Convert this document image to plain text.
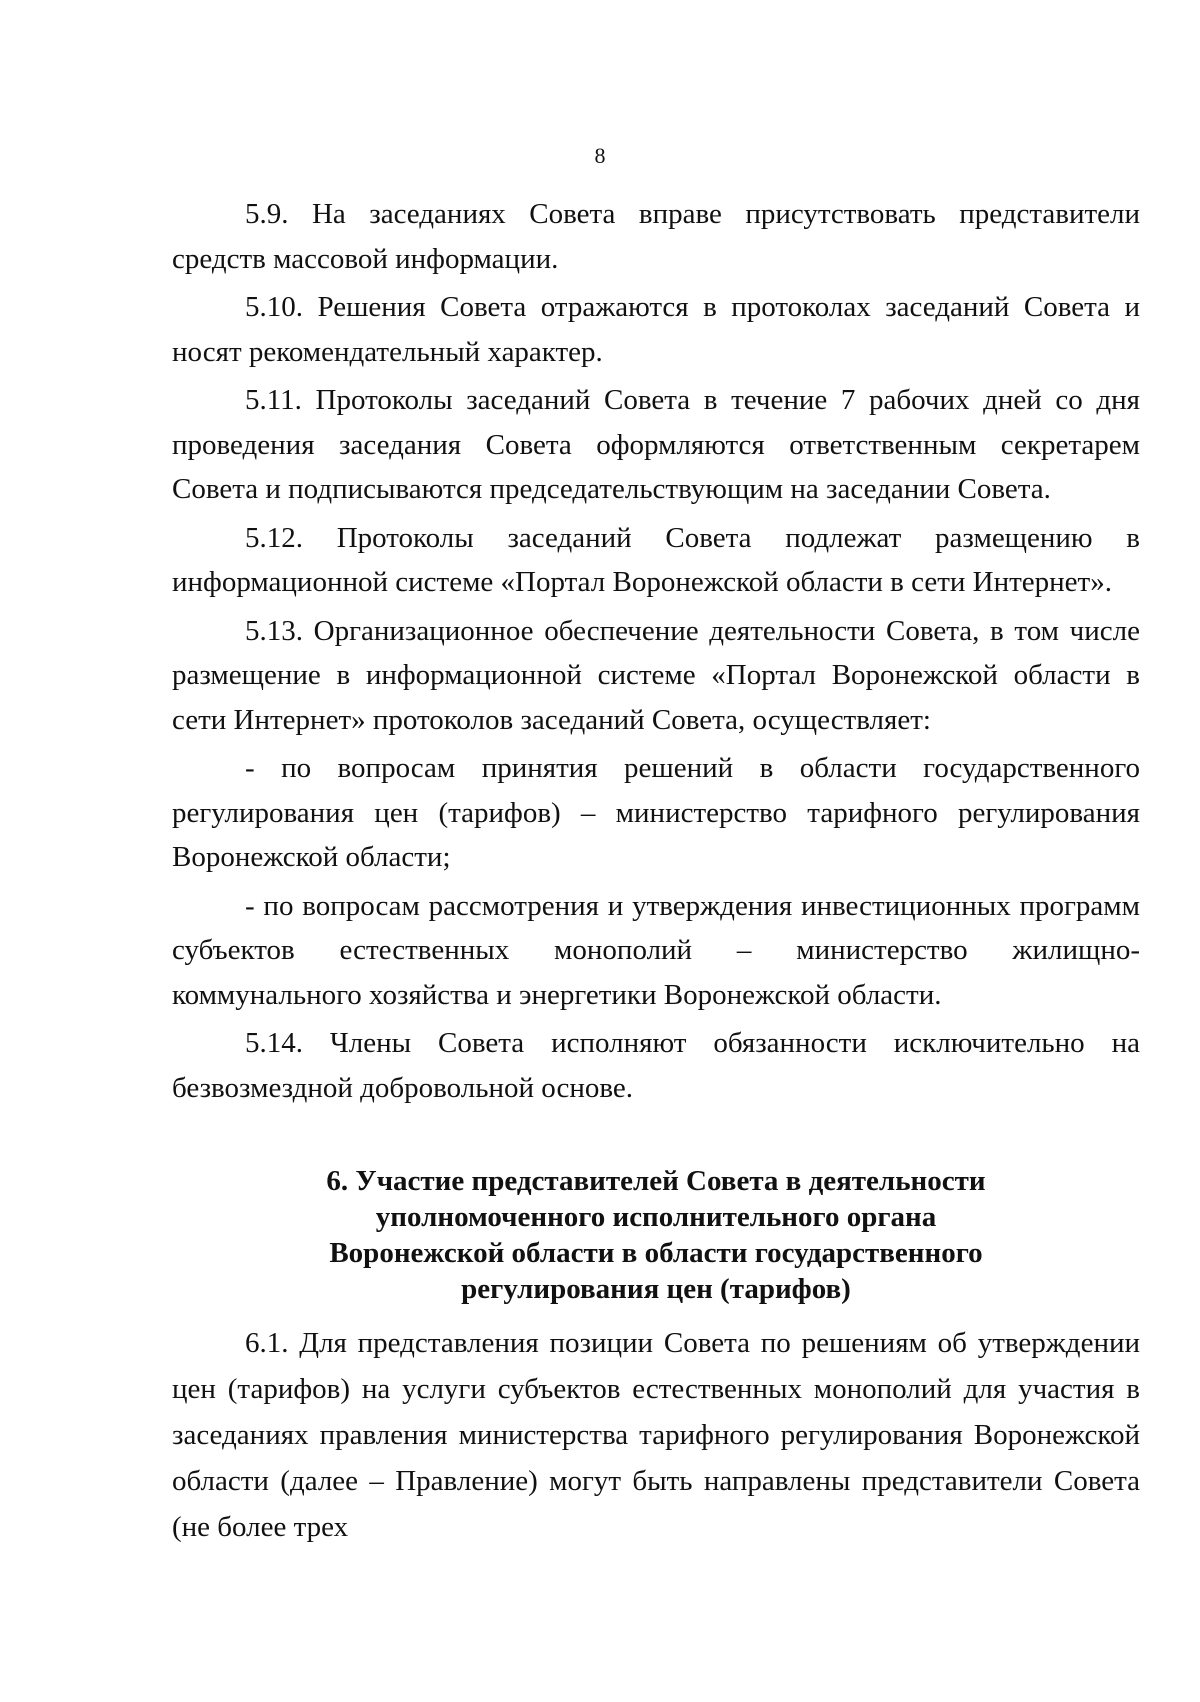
8

5.9. На заседаниях Совета вправе присутствовать представители средств массовой информации.

5.10. Решения Совета отражаются в протоколах заседаний Совета и носят рекомендательный характер.

5.11. Протоколы заседаний Совета в течение 7 рабочих дней со дня проведения заседания Совета оформляются ответственным секретарем Совета и подписываются председательствующим на заседании Совета.

5.12. Протоколы заседаний Совета подлежат размещению в информационной системе «Портал Воронежской области в сети Интернет».

5.13. Организационное обеспечение деятельности Совета, в том числе размещение в информационной системе «Портал Воронежской области в сети Интернет» протоколов заседаний Совета, осуществляет:

- по вопросам принятия решений в области государственного регулирования цен (тарифов) – министерство тарифного регулирования Воронежской области;

- по вопросам рассмотрения и утверждения инвестиционных программ субъектов естественных монополий – министерство жилищно-коммунального хозяйства и энергетики Воронежской области.

5.14. Члены Совета исполняют обязанности исключительно на безвозмездной добровольной основе.

6. Участие представителей Совета в деятельности
уполномоченного исполнительного органа
Воронежской области в области государственного
регулирования цен (тарифов)

6.1. Для представления позиции Совета по решениям об утверждении цен (тарифов) на услуги субъектов естественных монополий для участия в заседаниях правления министерства тарифного регулирования Воронежской области (далее – Правление) могут быть направлены представители Совета (не более трех
